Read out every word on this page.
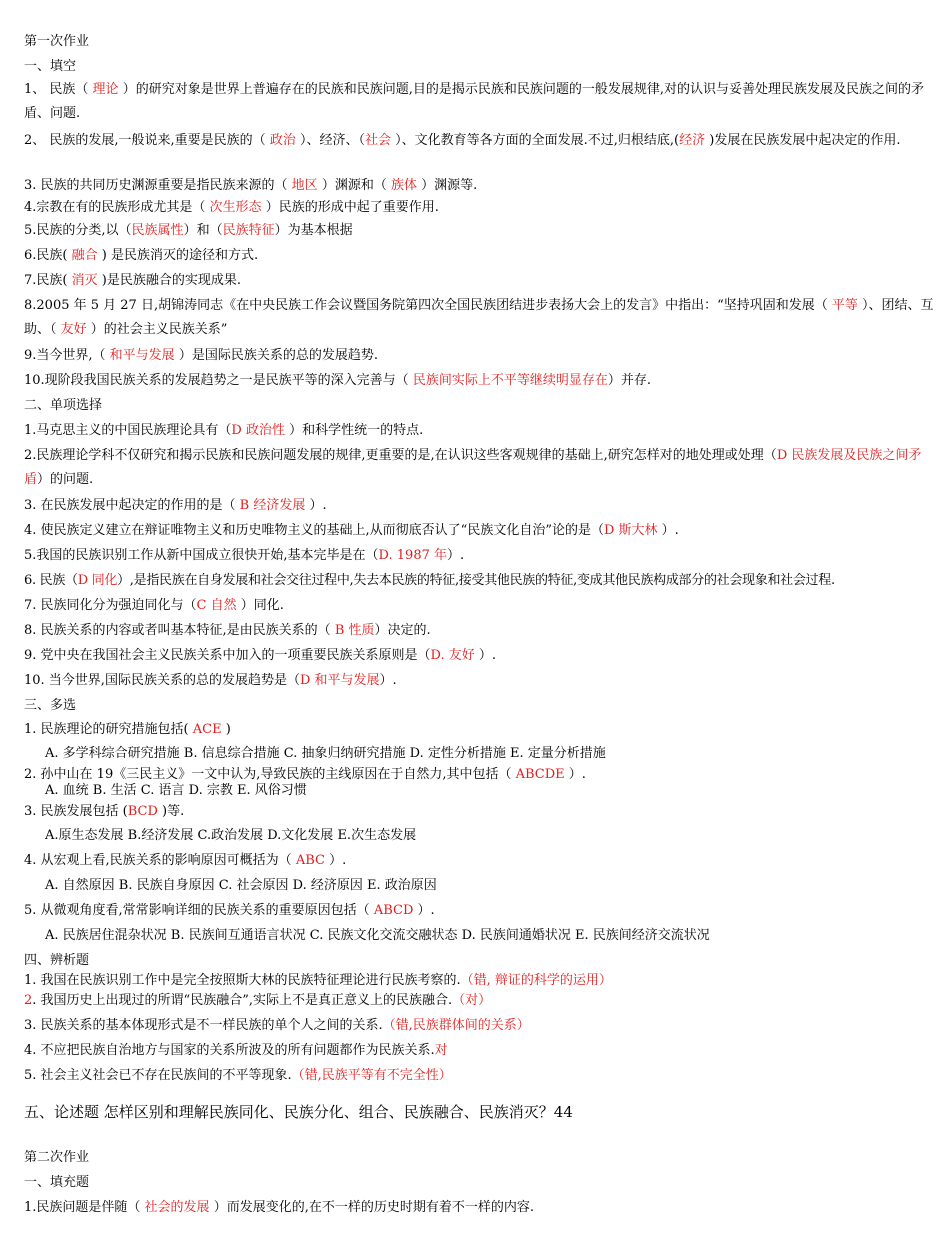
第一次作业
一、填空
1、 民族（ 理论 ）的研究对象是世界上普遍存在的民族和民族问题,目的是揭示民族和民族问题的一般发展规律,对的认识与妥善处理民族发展及民族之间的矛盾、问题.
2、 民族的发展,一般说来,重要是民族的（ 政治 ）、经济、（社会 ）、文化教育等各方面的全面发展.不过,归根结底,(经济 )发展在民族发展中起决定的作用.
3. 民族的共同历史渊源重要是指民族来源的（ 地区 ）渊源和（ 族体 ）渊源等.
4.宗教在有的民族形成尤其是（ 次生形态 ）民族的形成中起了重要作用.
5.民族的分类,以（民族属性）和（民族特征）为基本根据
6.民族( 融合 ) 是民族消灭的途径和方式.
7.民族( 消灭 )是民族融合的实现成果.
8.2005 年 5 月 27 日,胡锦涛同志《在中央民族工作会议暨国务院第四次全国民族团结进步表扬大会上的发言》中指出：“坚持巩固和发展（ 平等 ）、团结、互助、（ 友好 ）的社会主义民族关系”
9.当今世界,（ 和平与发展 ）是国际民族关系的总的发展趋势.
10.现阶段我国民族关系的发展趋势之一是民族平等的深入完善与（ 民族间实际上不平等继续明显存在）并存.
二、单项选择
1.马克思主义的中国民族理论具有（D 政治性 ）和科学性统一的特点.
2.民族理论学科不仅研究和揭示民族和民族问题发展的规律,更重要的是,在认识这些客观规律的基础上,研究怎样对的地处理或处理（D 民族发展及民族之间矛盾）的问题.
3. 在民族发展中起决定的作用的是（ B 经济发展 ）.
4. 使民族定义建立在辩证唯物主义和历史唯物主义的基础上,从而彻底否认了“民族文化自治”论的是（D 斯大林 ）.
5.我国的民族识别工作从新中国成立很快开始,基本完毕是在（D. 1987 年）.
6. 民族（D 同化）,是指民族在自身发展和社会交往过程中,失去本民族的特征,接受其他民族的特征,变成其他民族构成部分的社会现象和社会过程.
7. 民族同化分为强迫同化与（C 自然 ）同化.
8. 民族关系的内容或者叫基本特征,是由民族关系的（ B 性质）决定的.
9. 党中央在我国社会主义民族关系中加入的一项重要民族关系原则是（D. 友好 ）.
10. 当今世界,国际民族关系的总的发展趋势是（D 和平与发展）.
三、多选
1. 民族理论的研究措施包括( ACE )
A. 多学科综合研究措施 B. 信息综合措施 C. 抽象归纳研究措施 D. 定性分析措施 E. 定量分析措施
2. 孙中山在 19《三民主义》一文中认为,导致民族的主线原因在于自然力,其中包括（ ABCDE ）.
A. 血统 B. 生活 C. 语言 D. 宗教 E. 风俗习惯
3. 民族发展包括 (BCD )等.
A.原生态发展 B.经济发展 C.政治发展 D.文化发展 E.次生态发展
4. 从宏观上看,民族关系的影响原因可概括为（ ABC ）.
A. 自然原因 B. 民族自身原因 C. 社会原因 D. 经济原因 E. 政治原因
5. 从微观角度看,常常影响详细的民族关系的重要原因包括（ ABCD ）.
A. 民族居住混杂状况 B. 民族间互通语言状况 C. 民族文化交流交融状态 D. 民族间通婚状况 E. 民族间经济交流状况
四、辨析题
1. 我国在民族识别工作中是完全按照斯大林的民族特征理论进行民族考察的.（错, 辩证的科学的运用）
2. 我国历史上出现过的所谓“民族融合”,实际上不是真正意义上的民族融合.（对）
3. 民族关系的基本体现形式是不一样民族的单个人之间的关系.（错,民族群体间的关系）
4. 不应把民族自治地方与国家的关系所波及的所有问题都作为民族关系.对
5. 社会主义社会已不存在民族间的不平等现象.（错,民族平等有不完全性）
五、论述题 怎样区别和理解民族同化、民族分化、组合、民族融合、民族消灭？44
第二次作业
一、填充题
1.民族问题是伴随（ 社会的发展 ）而发展变化的,在不一样的历史时期有着不一样的内容.
